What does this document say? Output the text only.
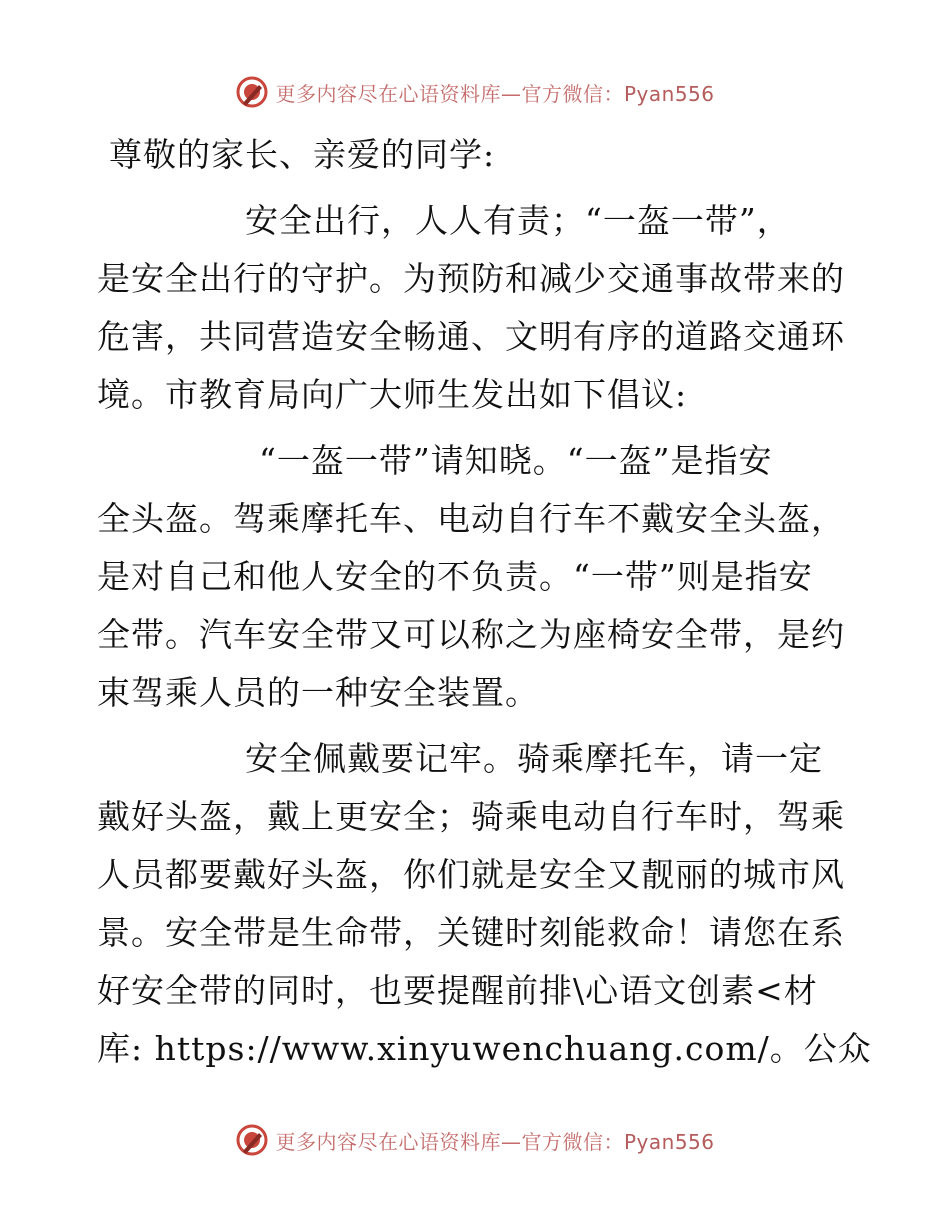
更多内容尽在心语资料库—官方微信：Pyan556
尊敬的家长、亲爱的同学:
安全出行，人人有责；“一盔一带”，
是安全出行的守护。为预防和减少交通事故带来的
危害，共同营造安全畅通、文明有序的道路交通环
境。市教育局向广大师生发出如下倡议:
“一盔一带”请知晓。“一盔”是指安
全头盔。驾乘摩托车、电动自行车不戴安全头盔，
是对自己和他人安全的不负责。“一带”则是指安
全带。汽车安全带又可以称之为座椅安全带，是约
束驾乘人员的一种安全装置。
安全佩戴要记牢。骑乘摩托车，请一定
戴好头盔，戴上更安全；骑乘电动自行车时，驾乘
人员都要戴好头盔，你们就是安全又靓丽的城市风
景。安全带是生命带，关键时刻能救命！请您在系
好安全带的同时，也要提醒前排\心语文创素<材
库: https://www.xinyuwenchuang.com/。公众
更多内容尽在心语资料库—官方微信：Pyan556
